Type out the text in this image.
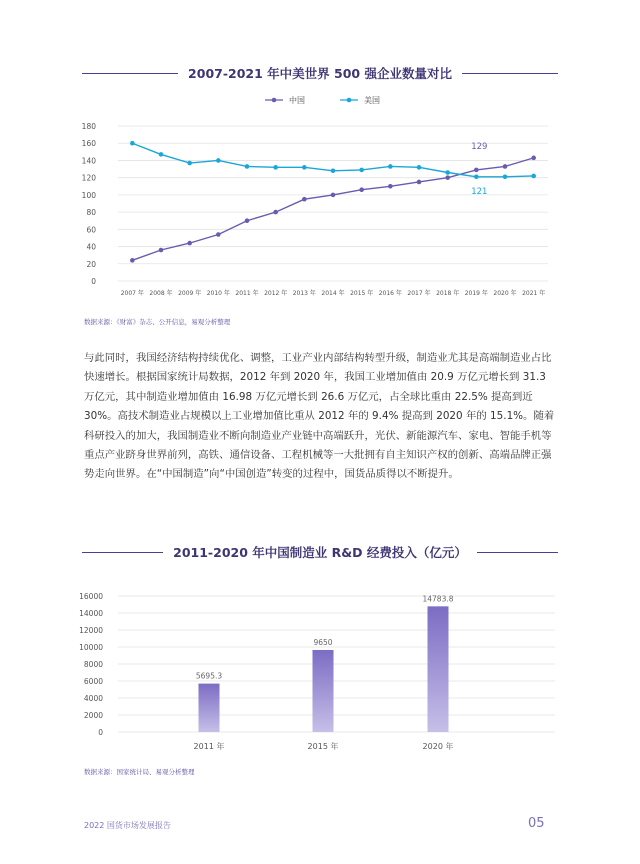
2007-2021 年中美世界 500 强企业数量对比
中国	美国
0
20
40
60
80
100
120
140
160
180
2007 年 2008 年 2009 年 2010 年 2011 年 2012 年 2013 年 2014 年 2015 年 2016 年 2017 年 2018 年 2019 年 2020 年 2021 年
129
121
数据来源：《财富》杂志、公开信息，易观分析整理

与此同时，我国经济结构持续优化、调整，工业产业内部结构转型升级，制造业尤其是高端制造业占比快速增长。根据国家统计局数据，2012 年到 2020 年，我国工业增加值由 20.9 万亿元增长到 31.3 万亿元，其中制造业增加值由 16.98 万亿元增长到 26.6 万亿元，占全球比重由 22.5% 提高到近 30%。高技术制造业占规模以上工业增加值比重从 2012 年的 9.4% 提高到 2020 年的 15.1%。随着科研投入的加大，我国制造业不断向制造业产业链中高端跃升，光伏、新能源汽车、家电、智能手机等重点产业跻身世界前列，高铁、通信设备、工程机械等一大批拥有自主知识产权的创新、高端品牌正强势走向世界。在“中国制造”向“中国创造”转变的过程中，国货品质得以不断提升。

2011-2020 年中国制造业 R&D 经费投入（亿元）
0
2000
4000
6000
8000
10000
12000
14000
16000
2011 年	2015 年	2020 年
5695.3
9650
14783.8
数据来源：国家统计局、易观分析整理
2022 国货市场发展报告	05
